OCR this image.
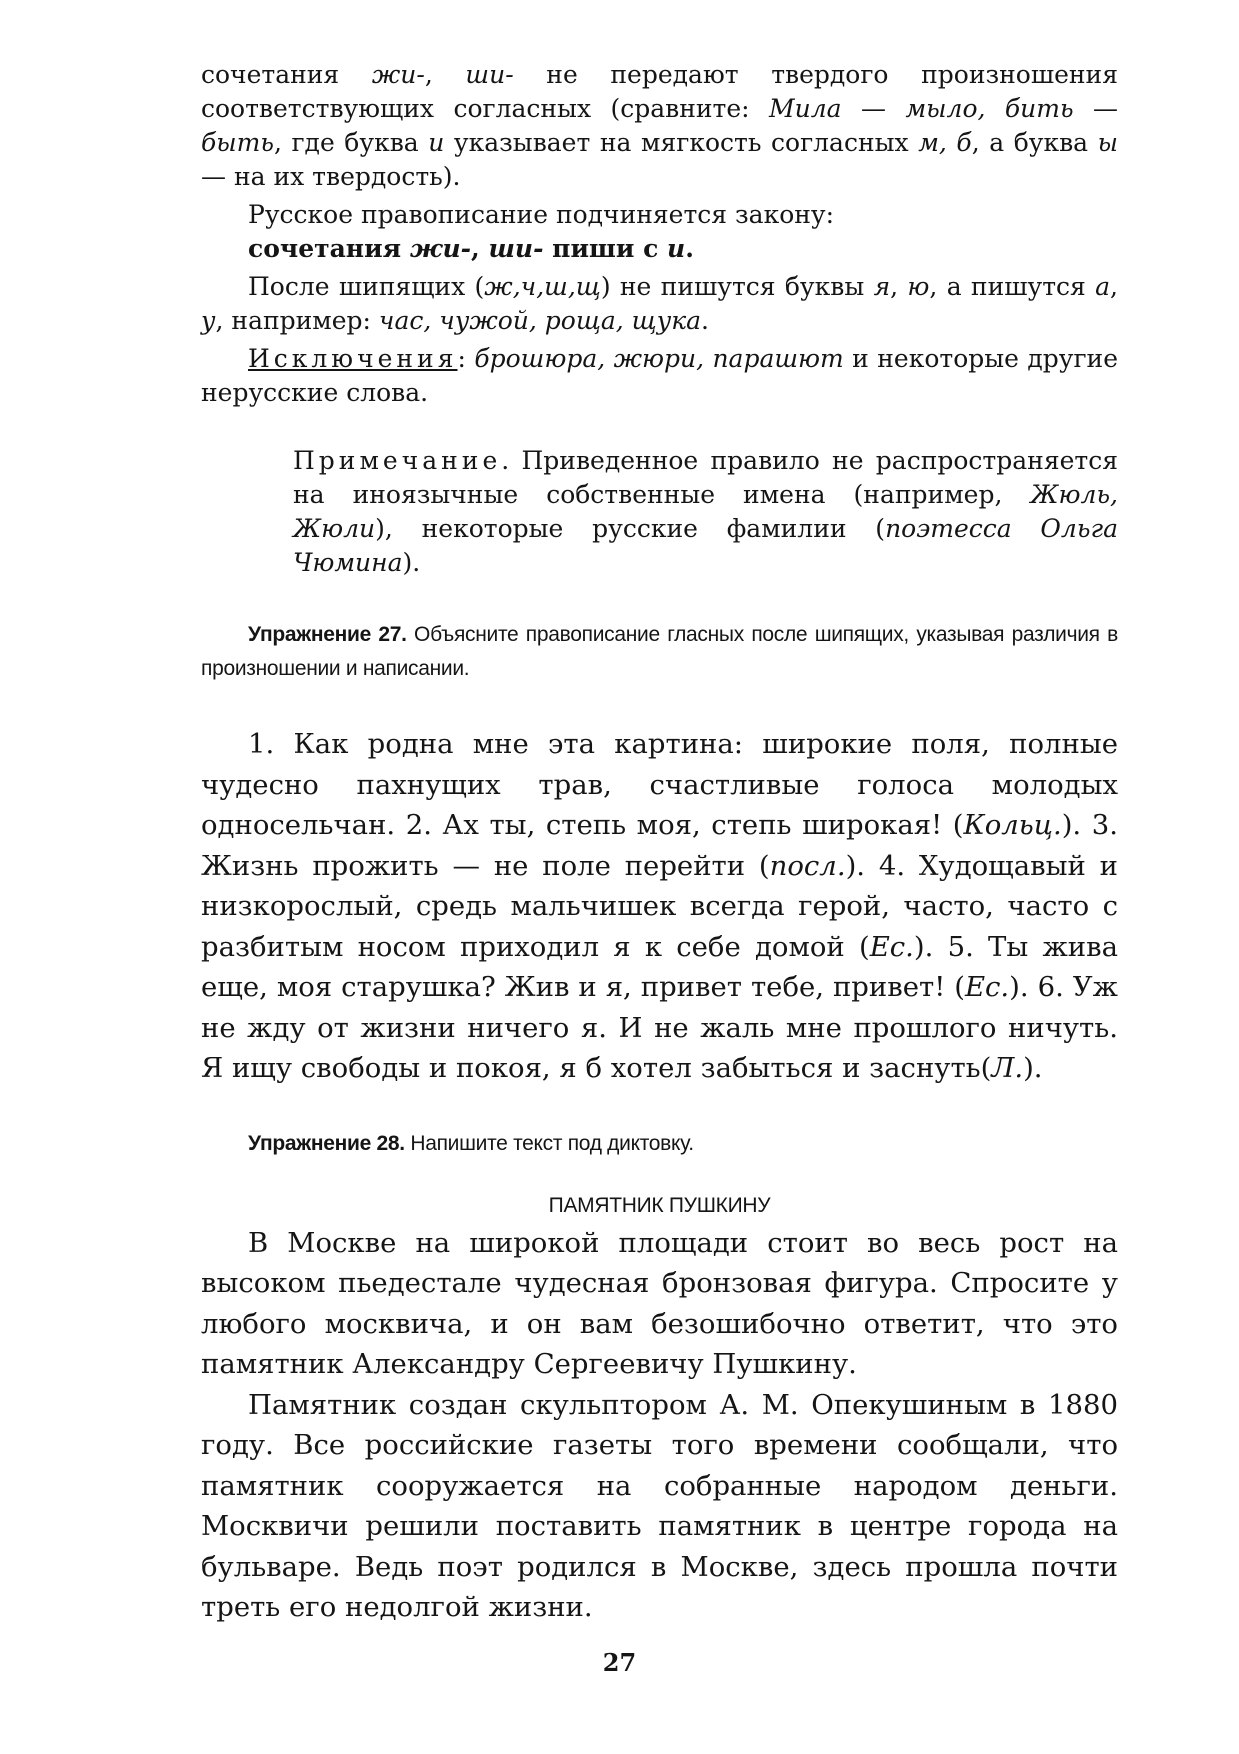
сочетания жи-, ши- не передают твердого произношения соответствующих согласных (сравните: Мила — мыло, бить — быть, где буква и указывает на мягкость согласных м, б, а буква ы — на их твердость).

Русское правописание подчиняется закону:

сочетания жи-, ши- пиши с и.

После шипящих (ж,ч,ш,щ) не пишутся буквы я, ю, а пишутся а, у, например: час, чужой, роща, щука.

Исключения: брошюра, жюри, парашют и некоторые другие нерусские слова.

Примечание. Приведенное правило не распространяется на иноязычные собственные имена (например, Жюль, Жюли), некоторые русские фамилии (поэтесса Ольга Чюмина).

Упражнение 27. Объясните правописание гласных после шипящих, указывая различия в произношении и написании.

1. Как родна мне эта картина: широкие поля, полные чудесно пахнущих трав, счастливые голоса молодых односельчан. 2. Ах ты, степь моя, степь широкая! (Кольц.). 3. Жизнь прожить — не поле перейти (посл.). 4. Худощавый и низкорослый, средь мальчишек всегда герой, часто, часто с разбитым носом приходил я к себе домой (Ес.). 5. Ты жива еще, моя старушка? Жив и я, привет тебе, привет! (Ес.). 6. Уж не жду от жизни ничего я. И не жаль мне прошлого ничуть. Я ищу свободы и покоя, я б хотел забыться и заснуть(Л.).

Упражнение 28. Напишите текст под диктовку.

ПАМЯТНИК ПУШКИНУ

В Москве на широкой площади стоит во весь рост на высоком пьедестале чудесная бронзовая фигура. Спросите у любого москвича, и он вам безошибочно ответит, что это памятник Александру Сергеевичу Пушкину.

Памятник создан скульптором А. М. Опекушиным в 1880 году. Все российские газеты того времени сообщали, что памятник сооружается на собранные народом деньги. Москвичи решили поставить памятник в центре города на бульваре. Ведь поэт родился в Москве, здесь прошла почти треть его недолгой жизни.

27
